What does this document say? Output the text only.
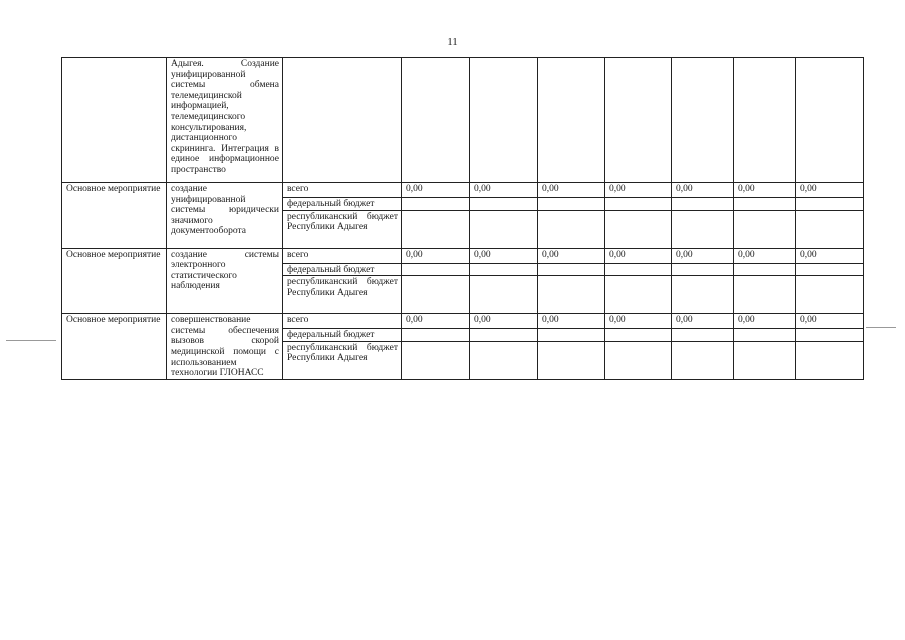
11
	Адыгея. Создание унифицированной системы обмена телемедицинской информацией, телемедицинского консультирования, дистанционного скрининга. Интеграция в единое информационное пространство								
Основное мероприятие	создание унифицированной системы юридически значимого документооборота	всего	0,00	0,00	0,00	0,00	0,00	0,00	0,00
		федеральный бюджет							
		республиканский бюджет Республики Адыгея							
Основное мероприятие	создание системы электронного статистического наблюдения	всего	0,00	0,00	0,00	0,00	0,00	0,00	0,00
		федеральный бюджет							
		республиканский бюджет Республики Адыгея							
Основное мероприятие	совершенствование системы обеспечения вызовов скорой медицинской помощи с использованием технологии ГЛОНАСС	всего	0,00	0,00	0,00	0,00	0,00	0,00	0,00
		федеральный бюджет							
		республиканский бюджет Республики Адыгея							
